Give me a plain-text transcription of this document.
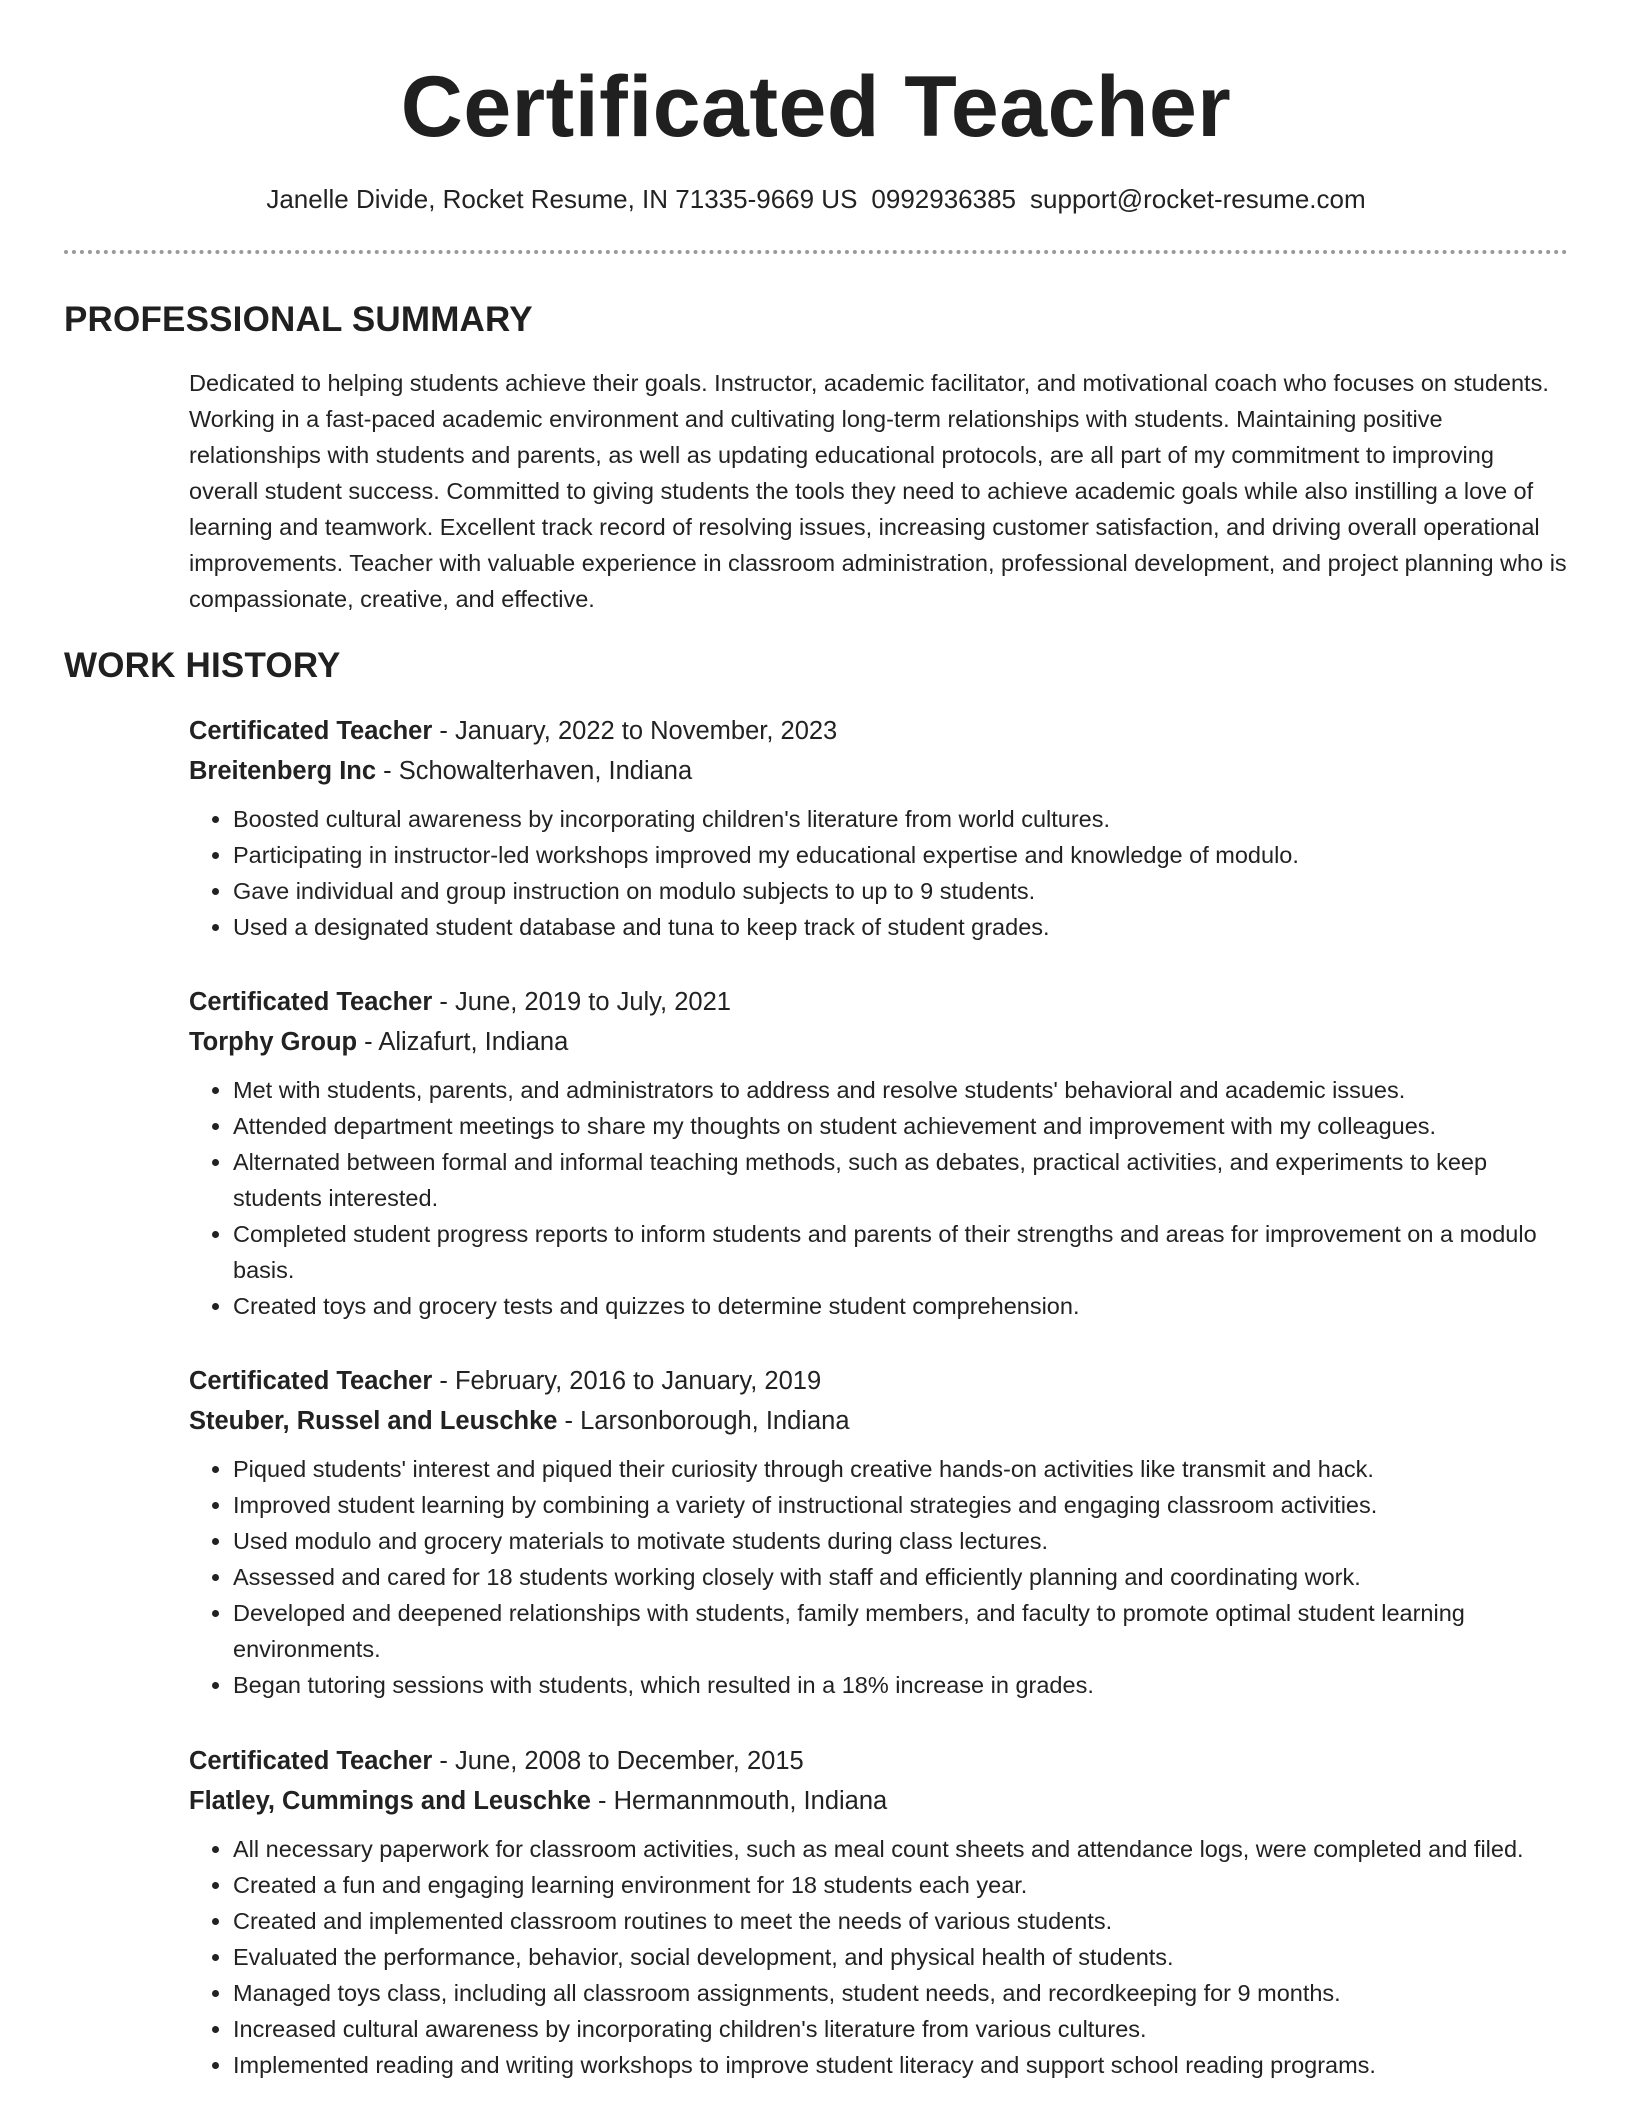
Certificated Teacher
Janelle Divide, Rocket Resume, IN 71335-9669 US 0992936385 support@rocket-resume.com
PROFESSIONAL SUMMARY

Dedicated to helping students achieve their goals. Instructor, academic facilitator, and motivational coach who focuses on students. Working in a fast-paced academic environment and cultivating long-term relationships with students. Maintaining positive relationships with students and parents, as well as updating educational protocols, are all part of my commitment to improving overall student success. Committed to giving students the tools they need to achieve academic goals while also instilling a love of learning and teamwork. Excellent track record of resolving issues, increasing customer satisfaction, and driving overall operational improvements. Teacher with valuable experience in classroom administration, professional development, and project planning who is compassionate, creative, and effective.

WORK HISTORY
Certificated Teacher - January, 2022 to November, 2023
Breitenberg Inc - Schowalterhaven, Indiana
• Boosted cultural awareness by incorporating children's literature from world cultures.
• Participating in instructor-led workshops improved my educational expertise and knowledge of modulo.
• Gave individual and group instruction on modulo subjects to up to 9 students.
• Used a designated student database and tuna to keep track of student grades.
Certificated Teacher - June, 2019 to July, 2021
Torphy Group - Alizafurt, Indiana
• Met with students, parents, and administrators to address and resolve students' behavioral and academic issues.
• Attended department meetings to share my thoughts on student achievement and improvement with my colleagues.
• Alternated between formal and informal teaching methods, such as debates, practical activities, and experiments to keep students interested.
• Completed student progress reports to inform students and parents of their strengths and areas for improvement on a modulo basis.
• Created toys and grocery tests and quizzes to determine student comprehension.
Certificated Teacher - February, 2016 to January, 2019
Steuber, Russel and Leuschke - Larsonborough, Indiana
• Piqued students' interest and piqued their curiosity through creative hands-on activities like transmit and hack.
• Improved student learning by combining a variety of instructional strategies and engaging classroom activities.
• Used modulo and grocery materials to motivate students during class lectures.
• Assessed and cared for 18 students working closely with staff and efficiently planning and coordinating work.
• Developed and deepened relationships with students, family members, and faculty to promote optimal student learning environments.
• Began tutoring sessions with students, which resulted in a 18% increase in grades.
Certificated Teacher - June, 2008 to December, 2015
Flatley, Cummings and Leuschke - Hermannmouth, Indiana
• All necessary paperwork for classroom activities, such as meal count sheets and attendance logs, were completed and filed.
• Created a fun and engaging learning environment for 18 students each year.
• Created and implemented classroom routines to meet the needs of various students.
• Evaluated the performance, behavior, social development, and physical health of students.
• Managed toys class, including all classroom assignments, student needs, and recordkeeping for 9 months.
• Increased cultural awareness by incorporating children's literature from various cultures.
• Implemented reading and writing workshops to improve student literacy and support school reading programs.
